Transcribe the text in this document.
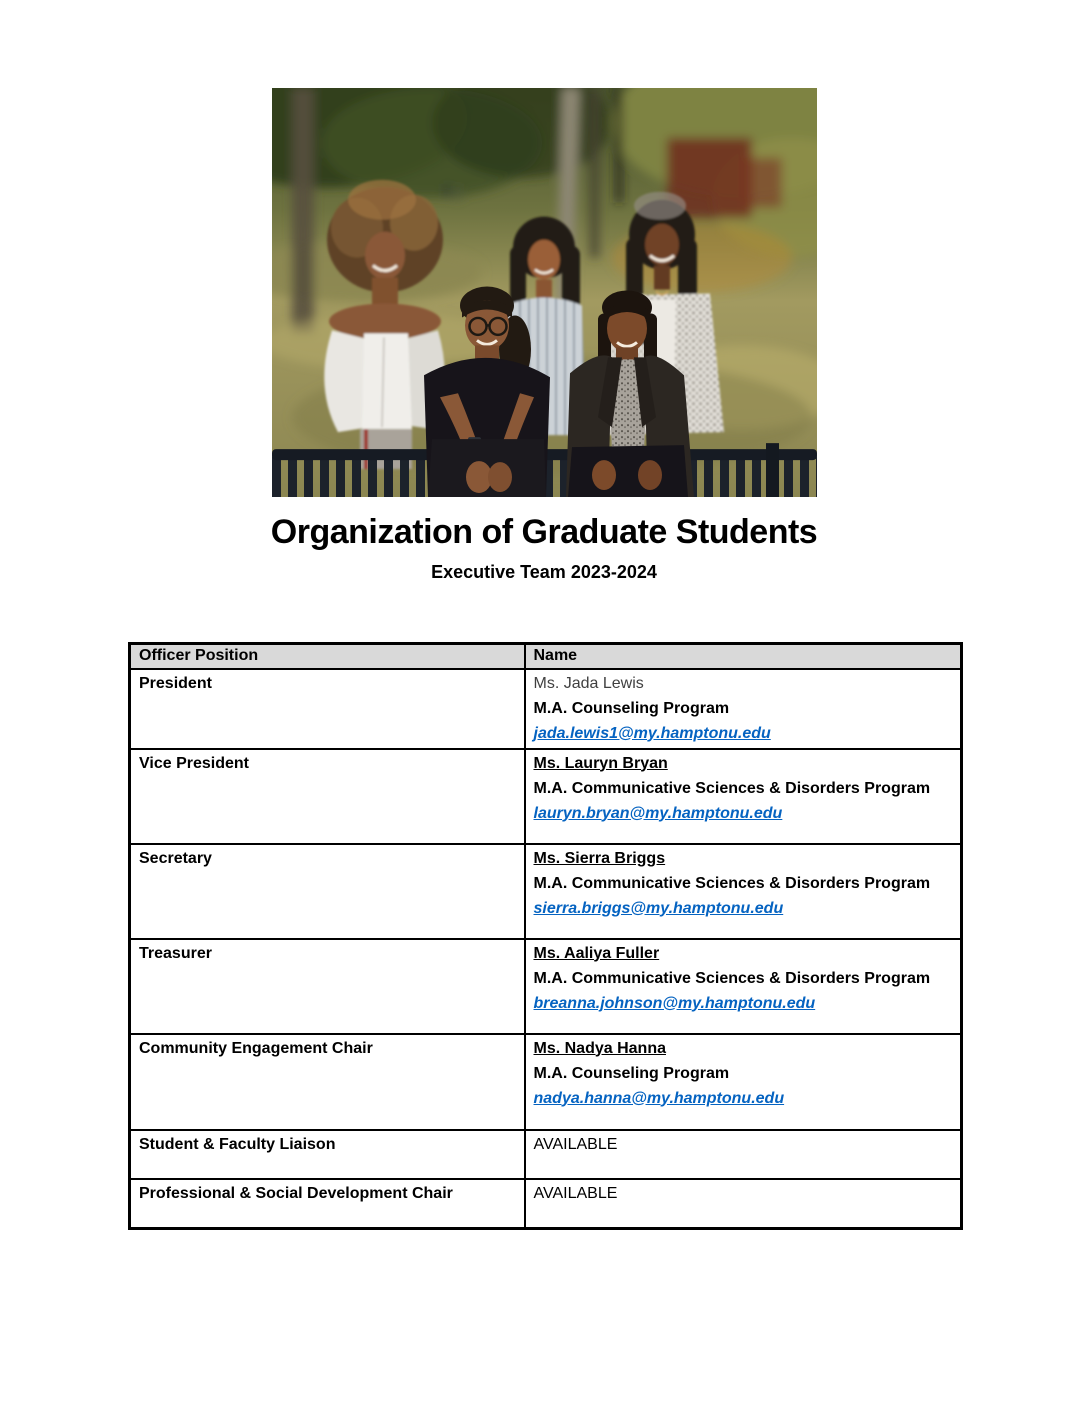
Organization of Graduate Students
Executive Team 2023-2024
Officer Position	Name

President	Ms. Jada Lewis
M.A. Counseling Program
jada.lewis1@my.hamptonu.edu

Vice President	Ms. Lauryn Bryan
M.A. Communicative Sciences & Disorders Program
lauryn.bryan@my.hamptonu.edu

Secretary	Ms. Sierra Briggs
M.A. Communicative Sciences & Disorders Program
sierra.briggs@my.hamptonu.edu

Treasurer	Ms. Aaliya Fuller
M.A. Communicative Sciences & Disorders Program
breanna.johnson@my.hamptonu.edu

Community Engagement Chair	Ms. Nadya Hanna
M.A. Counseling Program
nadya.hanna@my.hamptonu.edu

Student & Faculty Liaison	AVAILABLE

Professional & Social Development Chair	AVAILABLE
